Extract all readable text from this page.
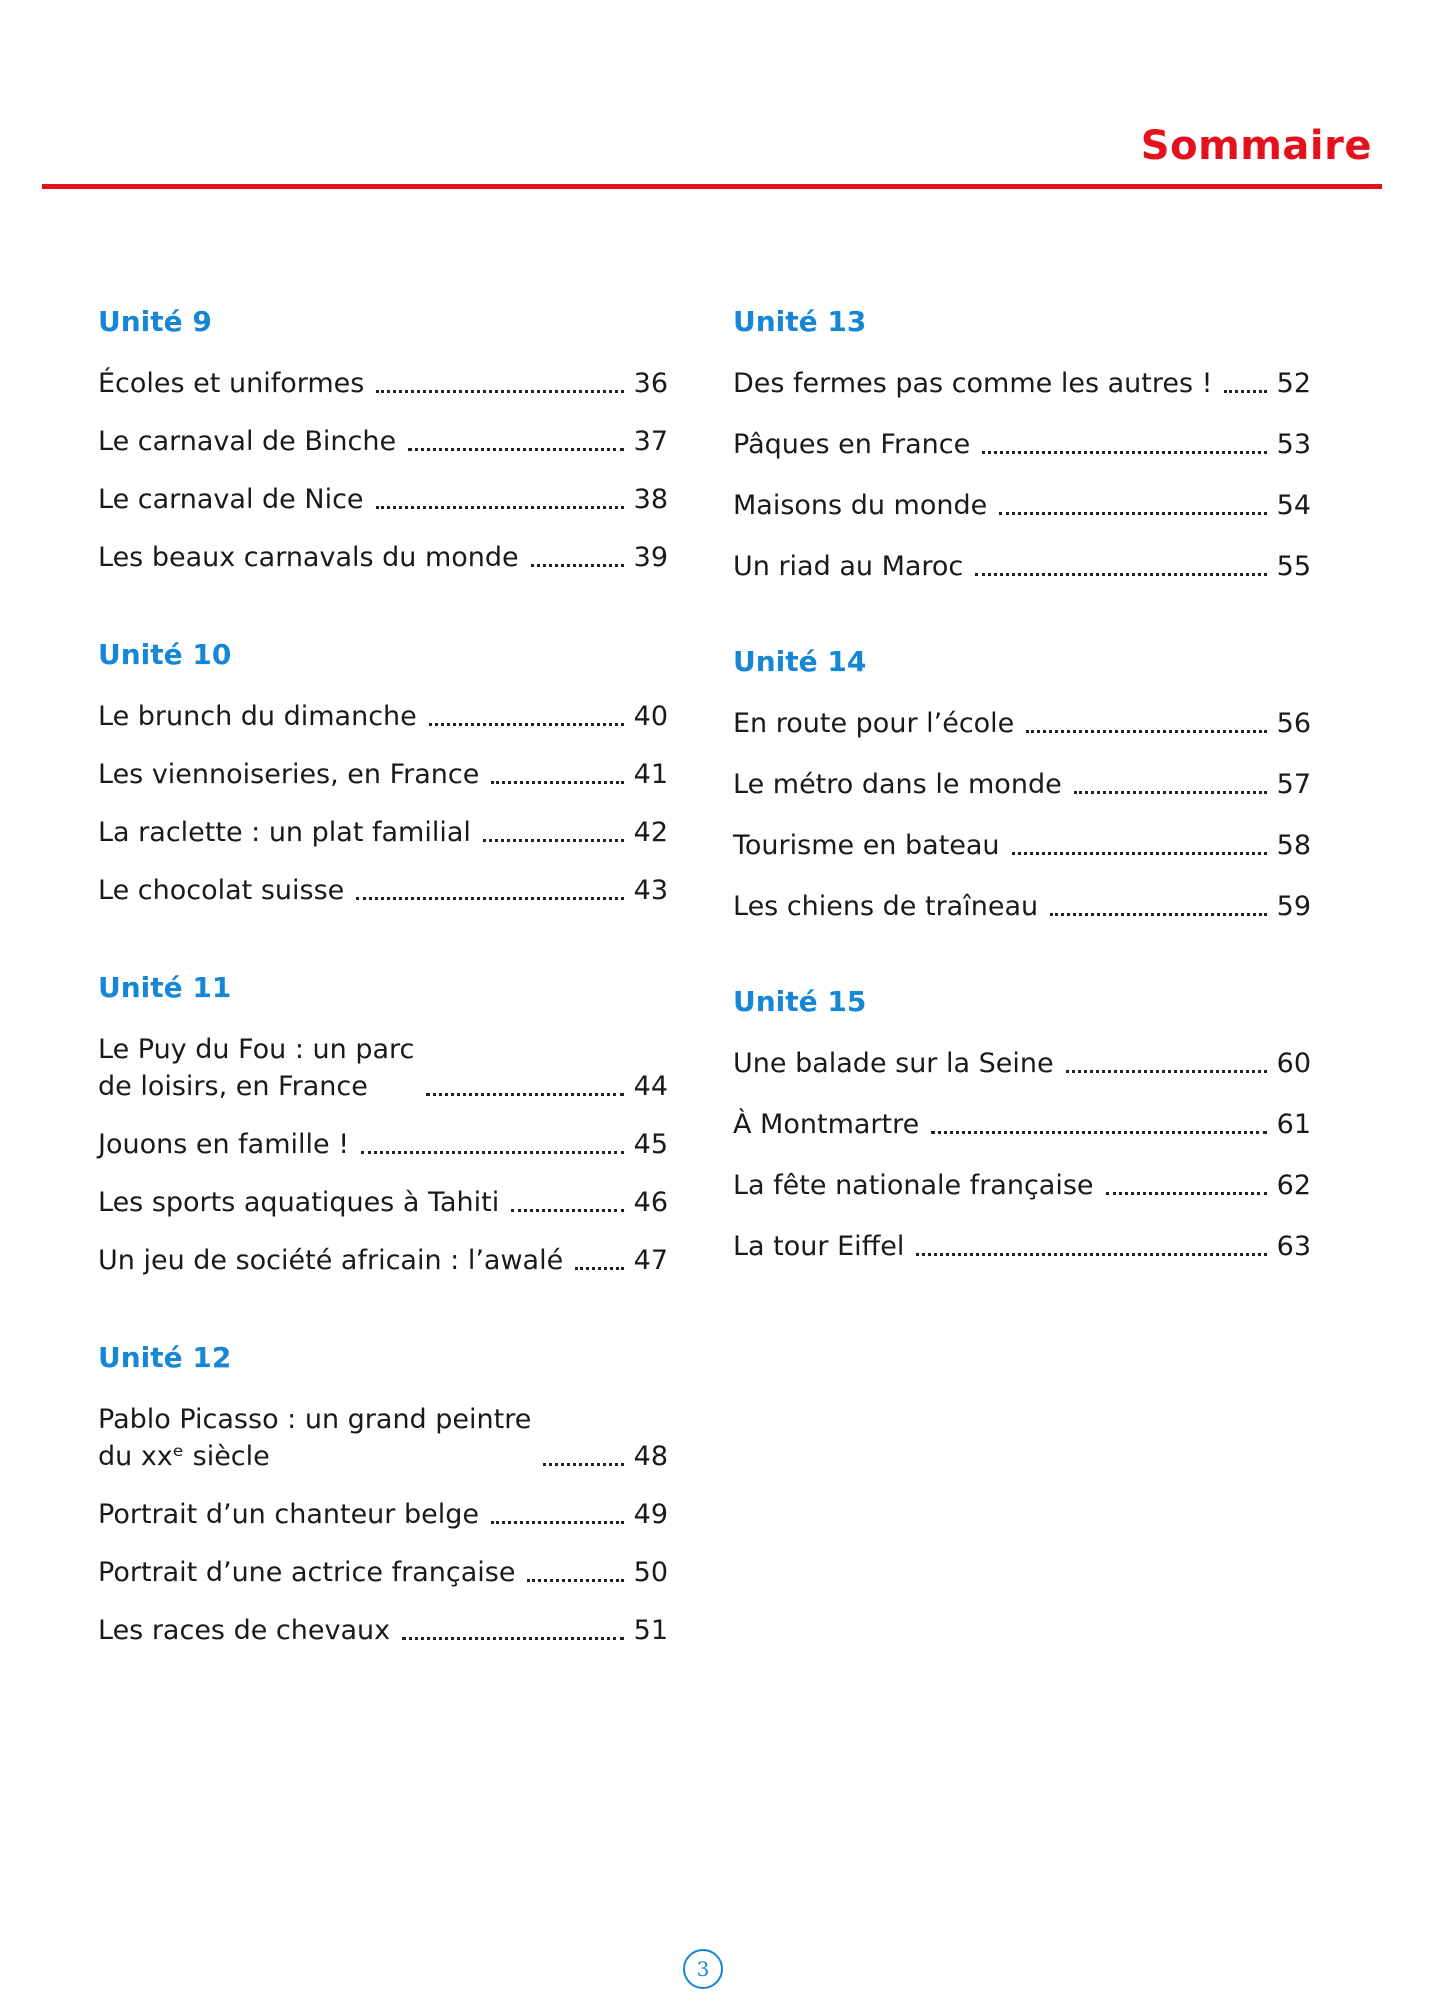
Sommaire
Unité 9
Écoles et uniformes	36
Le carnaval de Binche	37
Le carnaval de Nice	38
Les beaux carnavals du monde	39
Unité 10
Le brunch du dimanche	40
Les viennoiseries, en France	41
La raclette : un plat familial	42
Le chocolat suisse	43
Unité 11
Le Puy du Fou : un parc
de loisirs, en France	44
Jouons en famille !	45
Les sports aquatiques à Tahiti	46
Un jeu de société africain : l’awalé	47
Unité 12
Pablo Picasso : un grand peintre
du xxᵉ siècle	48
Portrait d’un chanteur belge	49
Portrait d’une actrice française	50
Les races de chevaux	51
Unité 13
Des fermes pas comme les autres ! 52
Pâques en France	53
Maisons du monde	54
Un riad au Maroc	55
Unité 14
En route pour l’école	56
Le métro dans le monde	57
Tourisme en bateau	58
Les chiens de traîneau	59
Unité 15
Une balade sur la Seine	60
À Montmartre	61
La fête nationale française	62
La tour Eiffel	63
3
